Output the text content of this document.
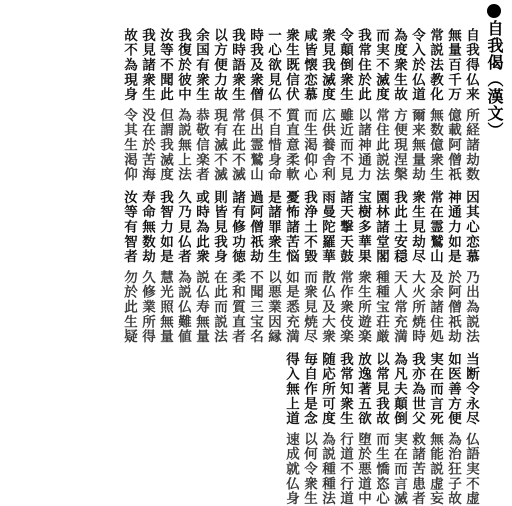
自我偈（漢文）
自我得仏来
所経諸劫数
無量百千万
億載阿僧祇
常説法教化
無数億衆生
令入於仏道
爾来無量劫
為度衆生故
方便現涅槃
而実不滅度
常住此説法
我常住於此
以諸神通力
令顛倒衆生
雖近而不見
衆見我滅度
広供養舎利
咸皆懐恋慕
而生渇仰心
衆生既信伏
質直意柔軟
一心欲見仏
不自惜身命
時我及衆僧
倶出霊鷲山
我時語衆生
常在此不滅
以方便力故
現有滅不滅
余国有衆生
恭敬信楽者
我復於彼中
為説無上法
汝等不聞此
但謂我滅度
我見諸衆生
没在於苦海
故不為現身
令其生渇仰
因其心恋慕
乃出為説法
神通力如是
於阿僧祇劫
常在霊鷲山
及余諸住処
衆生見劫尽
大火所焼時
我此土安穏
天人常充満
園林諸堂閣
種種宝荘厳
宝樹多華果
衆生所遊楽
諸天撃天鼓
常作衆伎楽
雨曼陀羅華
散仏及大衆
我浄土不毀
而衆見焼尽
憂怖諸苦悩
如是悉充満
是諸罪衆生
以悪業因縁
過阿僧祇劫
不聞三宝名
諸有修功徳
柔和質直者
則皆見我身
在此而説法
或時為此衆
説仏寿無量
久乃見仏者
為説仏難値
我智力如是
慧光照無量
寿命無数劫
久修業所得
汝等有智者
勿於此生疑
当断令永尽
仏語実不虚
如医善方便
為治狂子故
実在而言死
無能説虚妄
我亦為世父
救諸苦患者
為凡夫顛倒
実在而言滅
以常見我故
而生憍恣心
放逸著五欲
堕於悪道中
我常知衆生
行道不行道
随応所可度
為説種種法
毎自作是念
以何令衆生
得入無上道
速成就仏身
